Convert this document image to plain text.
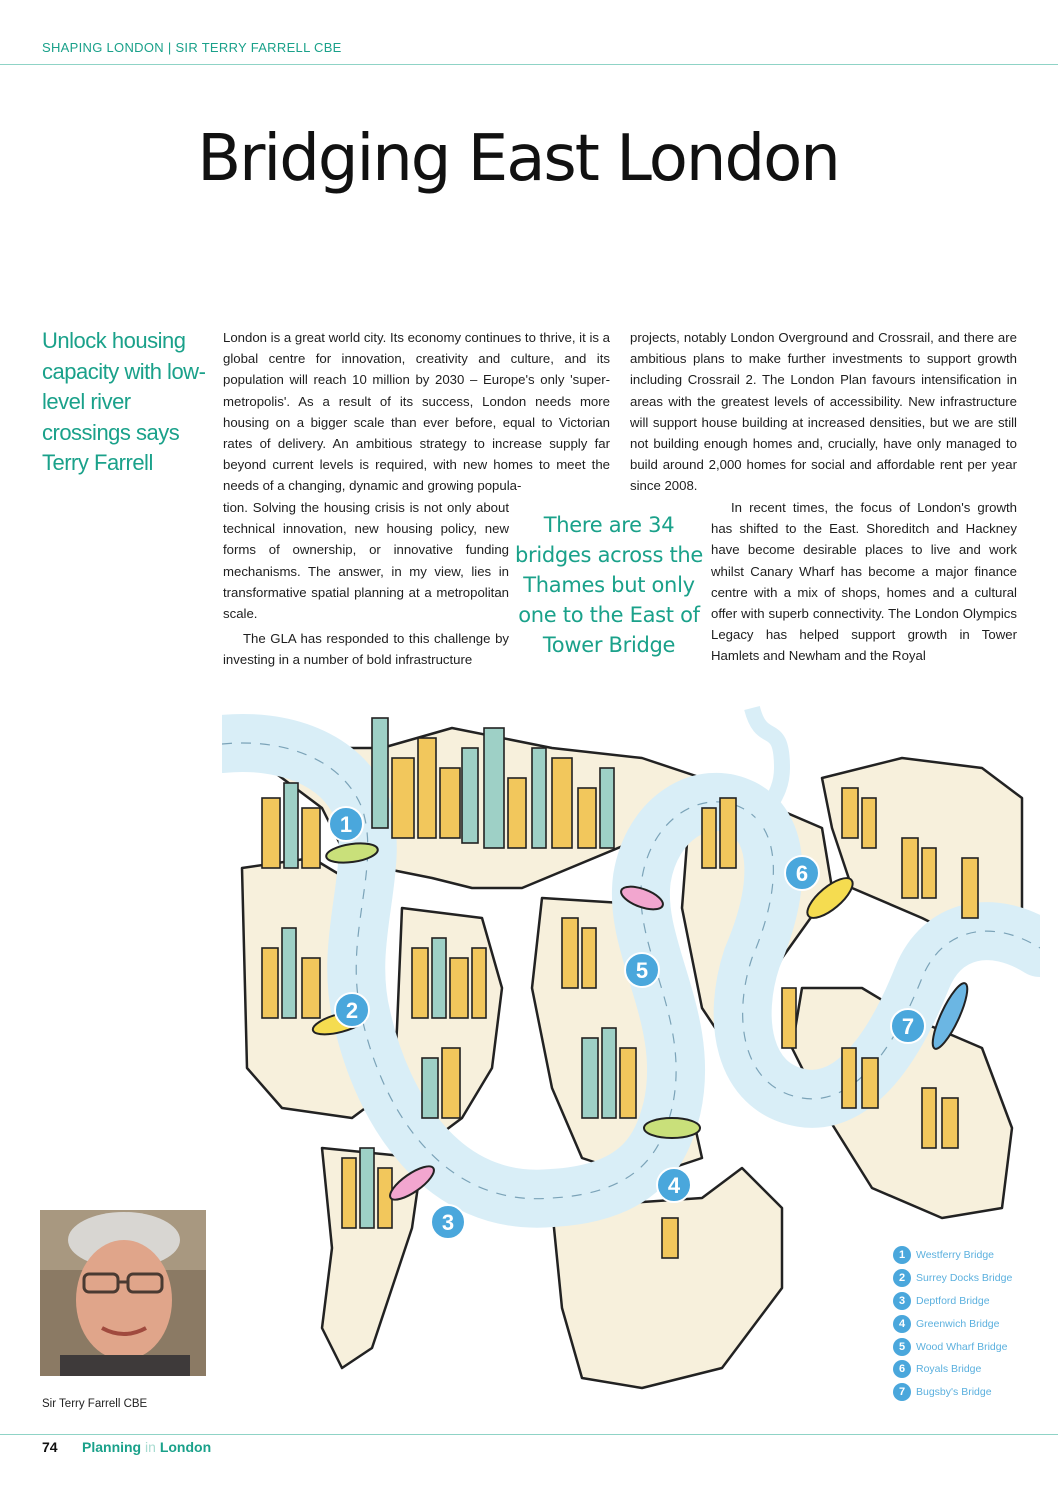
SHAPING LONDON | SIR TERRY FARRELL CBE
Bridging East London
Unlock housing capacity with low-level river crossings says Terry Farrell

London is a great world city. Its economy continues to thrive, it is a global centre for innovation, creativity and culture, and its population will reach 10 million by 2030 – Europe's only 'super-metropolis'. As a result of its success, London needs more housing on a bigger scale than ever before, equal to Victorian rates of delivery. An ambitious strategy to increase supply far beyond current levels is required, with new homes to meet the needs of a changing, dynamic and growing popula-

tion. Solving the housing crisis is not only about technical innovation, new housing policy, new forms of ownership, or innovative funding mechanisms. The answer, in my view, lies in transformative spatial planning at a metropolitan scale.

The GLA has responded to this challenge by investing in a number of bold infrastructure

projects, notably London Overground and Crossrail, and there are ambitious plans to make further investments to support growth including Crossrail 2. The London Plan favours intensification in areas with the greatest levels of accessibility. New infrastructure will support house building at increased densities, but we are still not building enough homes and, crucially, have only managed to build around 2,000 homes for social and affordable rent per year since 2008.

In recent times, the focus of London's growth has shifted to the East. Shoreditch and Hackney have become desirable places to live and work whilst Canary Wharf has become a major finance centre with a mix of shops, homes and a cultural offer with superb connectivity. The London Olympics Legacy has helped support growth in Tower Hamlets and Newham and the Royal

There are 34 bridges across the Thames but only one to the East of Tower Bridge
1
2
3
4
5
6
7
1	Westferry Bridge
2	Surrey Docks Bridge
3	Deptford Bridge
4	Greenwich Bridge
5	Wood Wharf Bridge
6	Royals Bridge
7	Bugsby's Bridge
Sir Terry Farrell CBE
74 Planning in London
